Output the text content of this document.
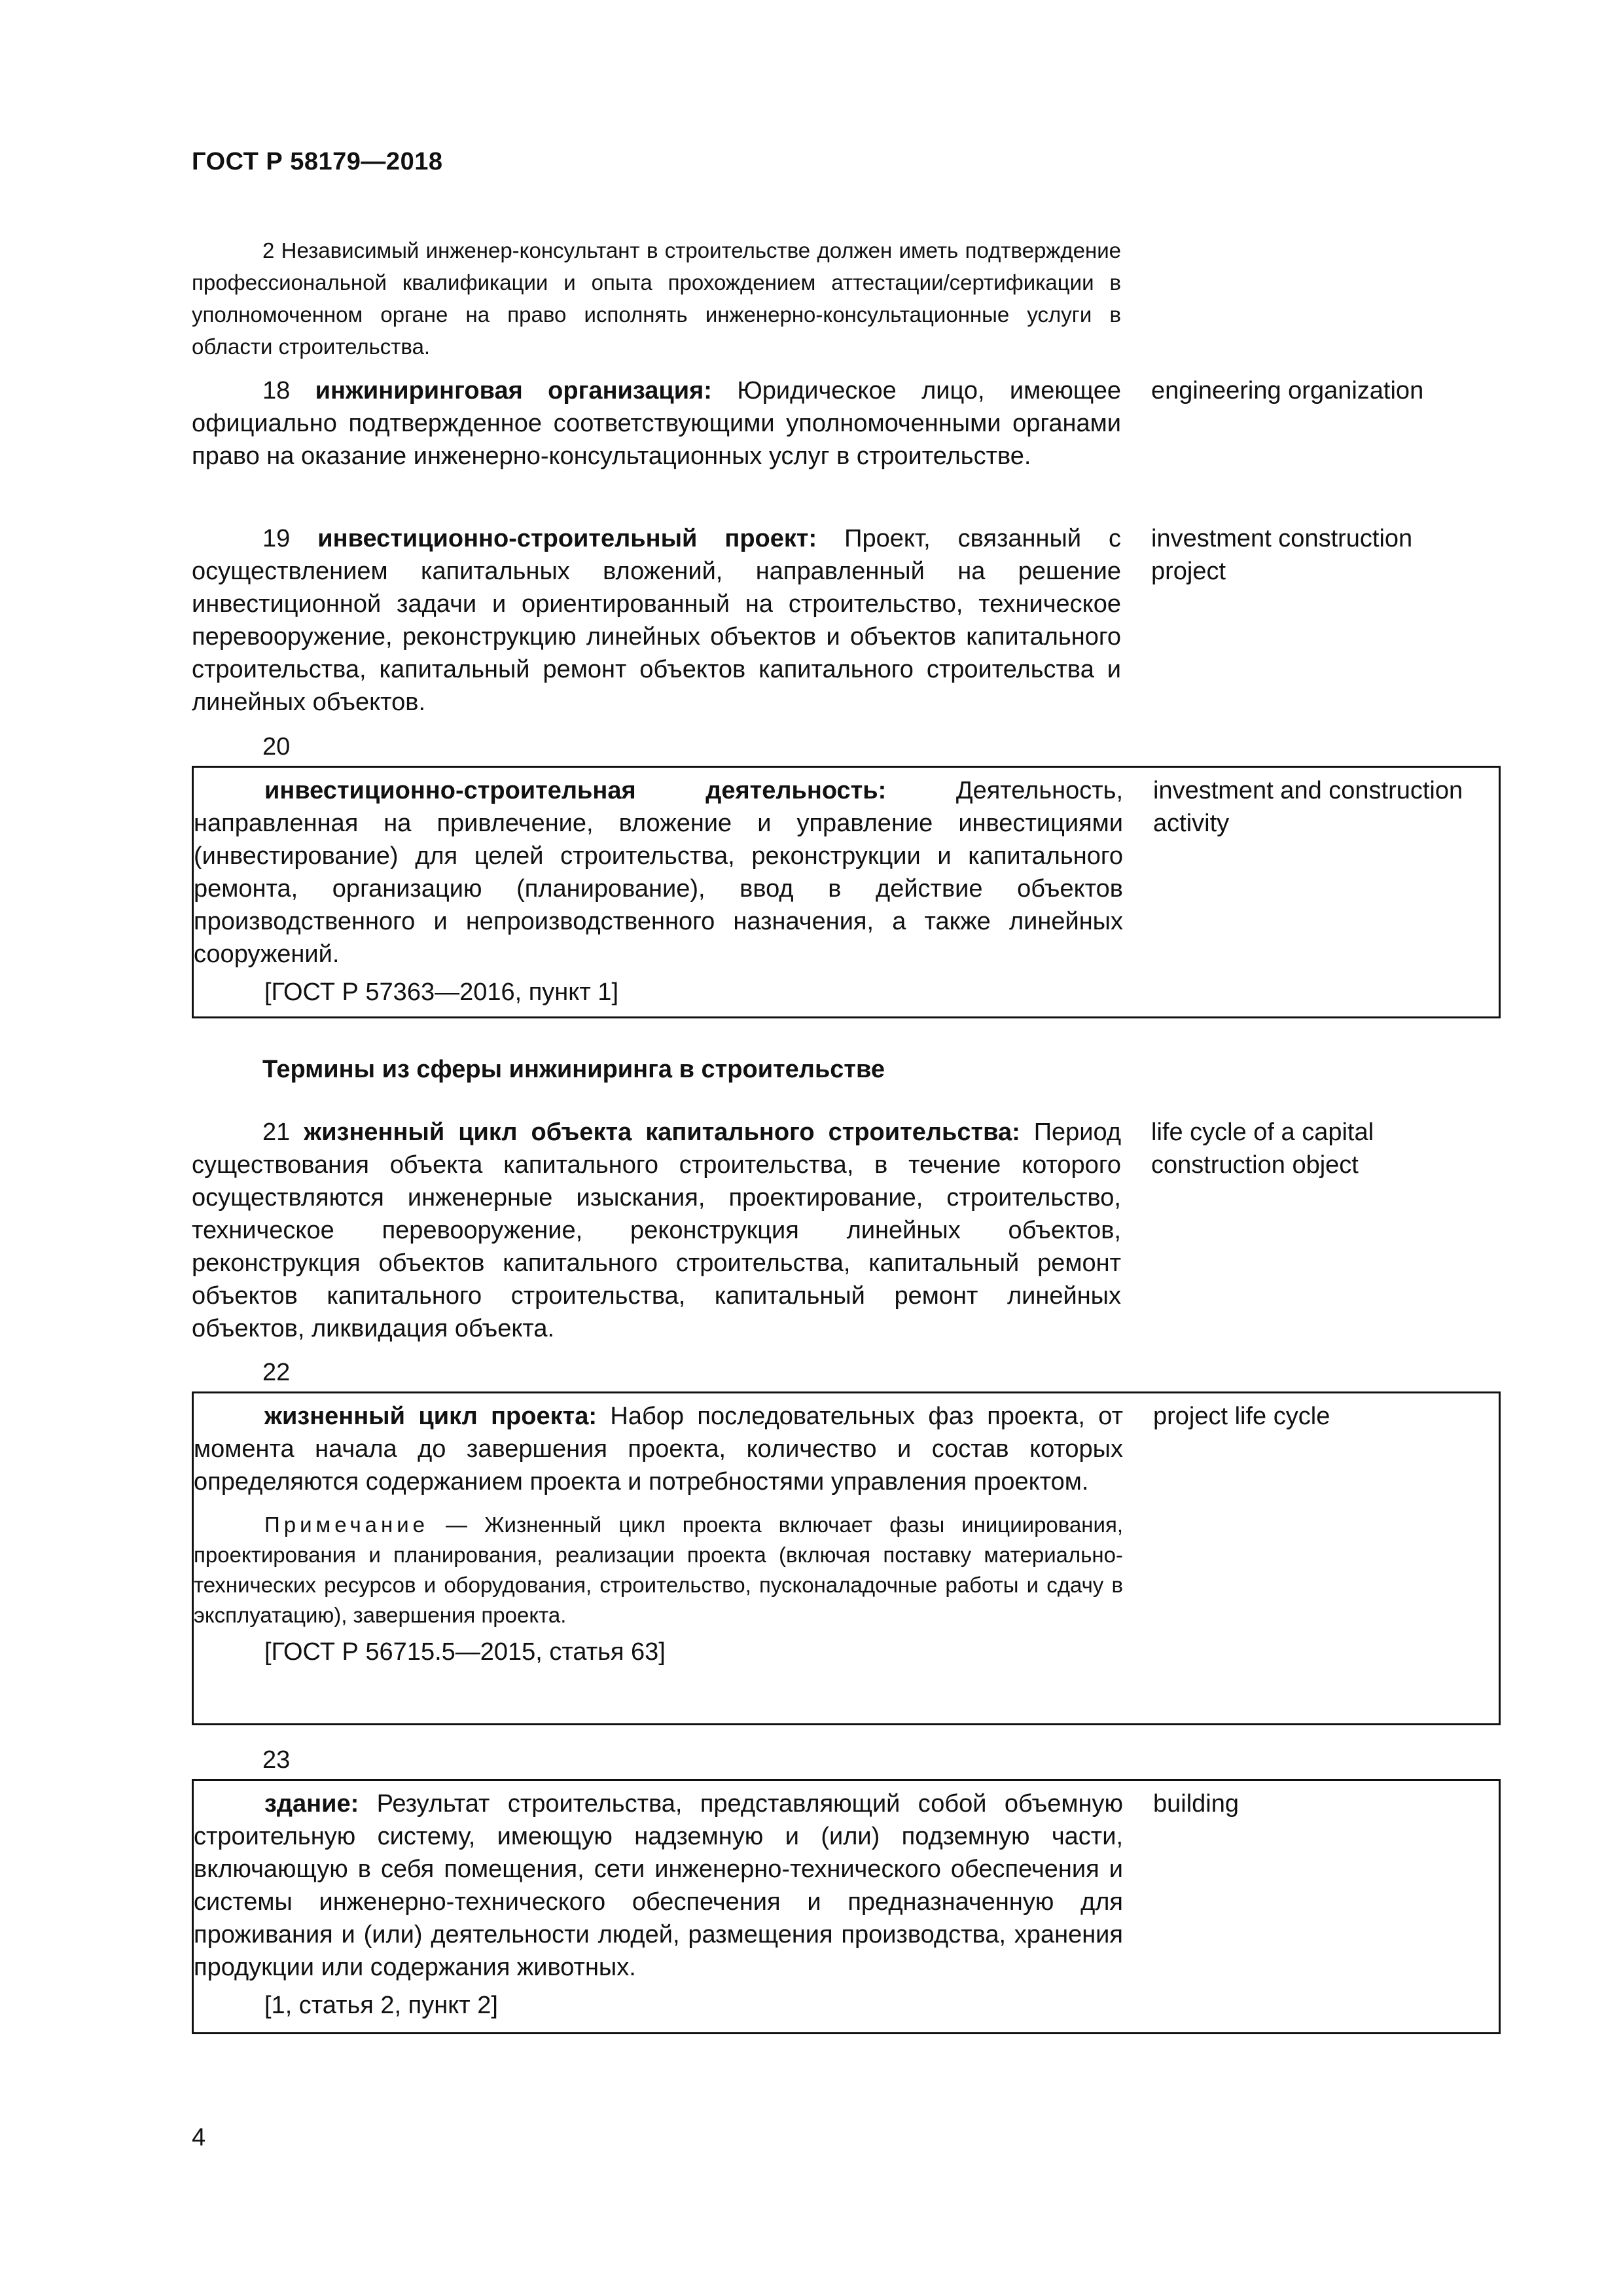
ГОСТ Р 58179—2018

2 Независимый инженер-консультант в строительстве должен иметь подтверждение профессиональной квалификации и опыта прохождением аттестации/сертификации в уполномоченном органе на право исполнять инженерно-консультационные услуги в области строительства.

18 инжиниринговая организация: Юридическое лицо, имеющее официально подтвержденное соответствующими уполномоченными органами право на оказание инженерно-консультационных услуг в строительстве.

engineering organization

19 инвестиционно-строительный проект: Проект, связанный с осуществлением капитальных вложений, направленный на решение инвестиционной задачи и ориентированный на строительство, техническое перевооружение, реконструкцию линейных объектов и объектов капитального строительства, капитальный ремонт объектов капитального строительства и линейных объектов.

investment construction project
20

инвестиционно-строительная деятельность: Деятельность, направленная на привлечение, вложение и управление инвестициями (инвестирование) для целей строительства, реконструкции и капитального ремонта, организацию (планирование), ввод в действие объектов производственного и непроизводственного назначения, а также линейных сооружений.

[ГОСТ Р 57363—2016, пункт 1]

investment and construction activity
Термины из сферы инжиниринга в строительстве

21 жизненный цикл объекта капитального строительства: Период существования объекта капитального строительства, в течение которого осуществляются инженерные изыскания, проектирование, строительство, техническое перевооружение, реконструкция линейных объектов, реконструкция объектов капитального строительства, капитальный ремонт объектов капитального строительства, капитальный ремонт линейных объектов, ликвидация объекта.

life cycle of a capital construction object
22

жизненный цикл проекта: Набор последовательных фаз проекта, от момента начала до завершения проекта, количество и состав которых определяются содержанием проекта и потребностями управления проектом.

Примечание — Жизненный цикл проекта включает фазы инициирования, проектирования и планирования, реализации проекта (включая поставку материально-технических ресурсов и оборудования, строительство, пусконаладочные работы и сдачу в эксплуатацию), завершения проекта.

[ГОСТ Р 56715.5—2015, статья 63]

project life cycle
23

здание: Результат строительства, представляющий собой объемную строительную систему, имеющую надземную и (или) подземную части, включающую в себя помещения, сети инженерно-технического обеспечения и системы инженерно-технического обеспечения и предназначенную для проживания и (или) деятельности людей, размещения производства, хранения продукции или содержания животных.

[1, статья 2, пункт 2]

building
4
